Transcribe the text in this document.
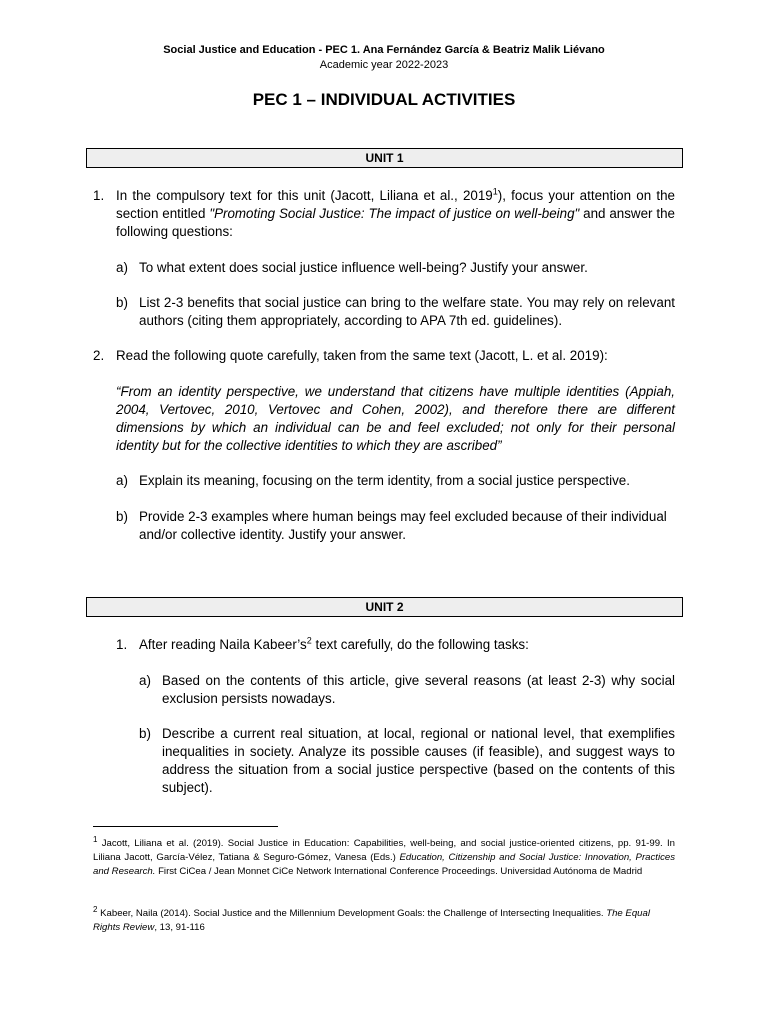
Social Justice and Education - PEC 1. Ana Fernández García & Beatriz Malik Liévano
Academic year 2022-2023
PEC 1 – INDIVIDUAL ACTIVITIES
UNIT 1
1. In the compulsory text for this unit (Jacott, Liliana et al., 2019$^1$), focus your attention on the section entitled "Promoting Social Justice: The impact of justice on well-being" and answer the following questions:
a) To what extent does social justice influence well-being? Justify your answer.
b) List 2-3 benefits that social justice can bring to the welfare state. You may rely on relevant authors (citing them appropriately, according to APA 7th ed. guidelines).
2. Read the following quote carefully, taken from the same text (Jacott, L. et al. 2019):
“From an identity perspective, we understand that citizens have multiple identities (Appiah, 2004, Vertovec, 2010, Vertovec and Cohen, 2002), and therefore there are different dimensions by which an individual can be and feel excluded; not only for their personal identity but for the collective identities to which they are ascribed”
a) Explain its meaning, focusing on the term identity, from a social justice perspective.
b) Provide 2-3 examples where human beings may feel excluded because of their individual and/or collective identity. Justify your answer.
UNIT 2
1. After reading Naila $Kabeer’s^2$ text carefully, do the following tasks:
a) Based on the contents of this article, give several reasons (at least 2-3) why social exclusion persists nowadays.
b) Describe a current real situation, at local, regional or national level, that exemplifies inequalities in society. Analyze its possible causes (if feasible), and suggest ways to address the situation from a social justice perspective (based on the contents of this subject).
$^1$ Jacott, Liliana et al. (2019). Social Justice in Education: Capabilities, well-being, and social justice-oriented citizens, pp. 91-99. In Liliana Jacott, García-Vélez, Tatiana & Seguro-Gómez, Vanesa (Eds.) Education, Citizenship and Social Justice: Innovation, Practices and Research. First CiCea / Jean Monnet CiCe Network International Conference Proceedings. Universidad Autónoma de Madrid
$^2$ Kabeer, Naila (2014). Social Justice and the Millennium Development Goals: the Challenge of Intersecting Inequalities. The Equal Rights Review, 13, 91-116
